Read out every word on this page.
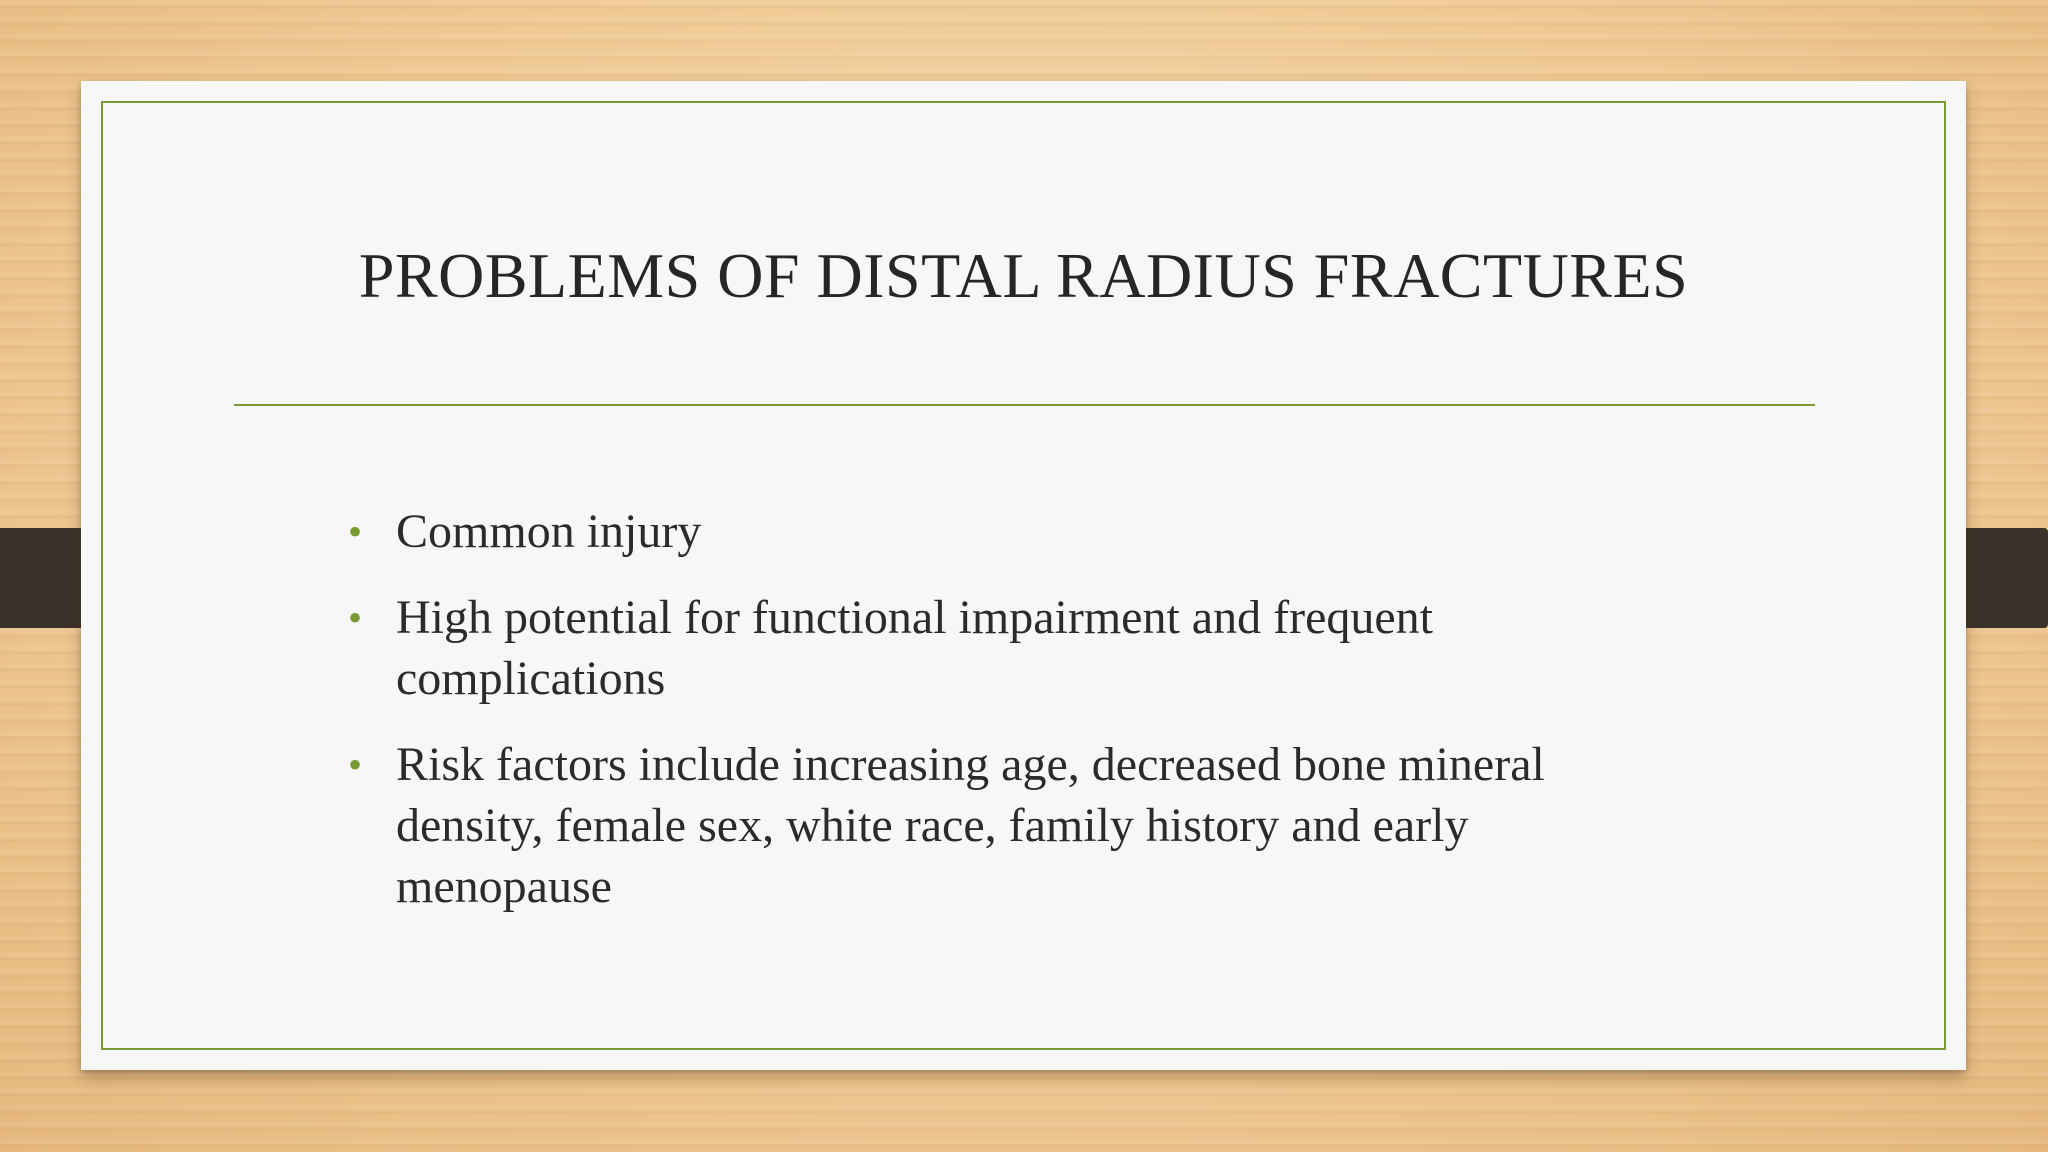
PROBLEMS OF DISTAL RADIUS FRACTURES
• Common injury
• High potential for functional impairment and frequent complications
• Risk factors include increasing age, decreased bone mineral density, female sex, white race, family history and early menopause
